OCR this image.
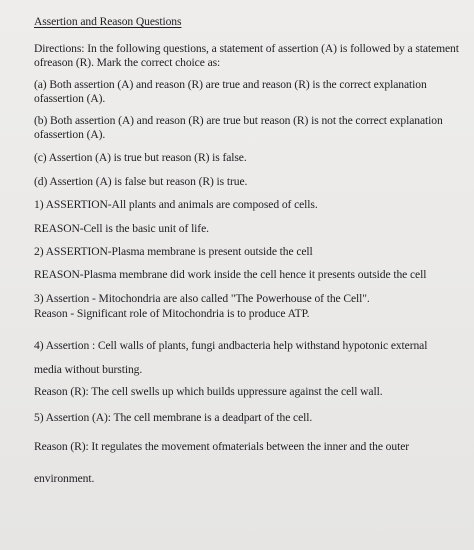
Assertion and Reason Questions
Directions: In the following questions, a statement of assertion (A) is followed by a statement
ofreason (R). Mark the correct choice as:
(a) Both assertion (A) and reason (R) are true and reason (R) is the correct explanation
ofassertion (A).
(b) Both assertion (A) and reason (R) are true but reason (R) is not the correct explanation
ofassertion (A).
(c) Assertion (A) is true but reason (R) is false.
(d) Assertion (A) is false but reason (R) is true.
1) ASSERTION-All plants and animals are composed of cells.
REASON-Cell is the basic unit of life.
2) ASSERTION-Plasma membrane is present outside the cell
REASON-Plasma membrane did work inside the cell hence it presents outside the cell
3) Assertion - Mitochondria are also called "The Powerhouse of the Cell".
Reason - Significant role of Mitochondria is to produce ATP.
4) Assertion : Cell walls of plants, fungi andbacteria help withstand hypotonic external
media without bursting.
Reason (R): The cell swells up which builds uppressure against the cell wall.
5) Assertion (A): The cell membrane is a deadpart of the cell.
Reason (R): It regulates the movement ofmaterials between the inner and the outer
environment.
